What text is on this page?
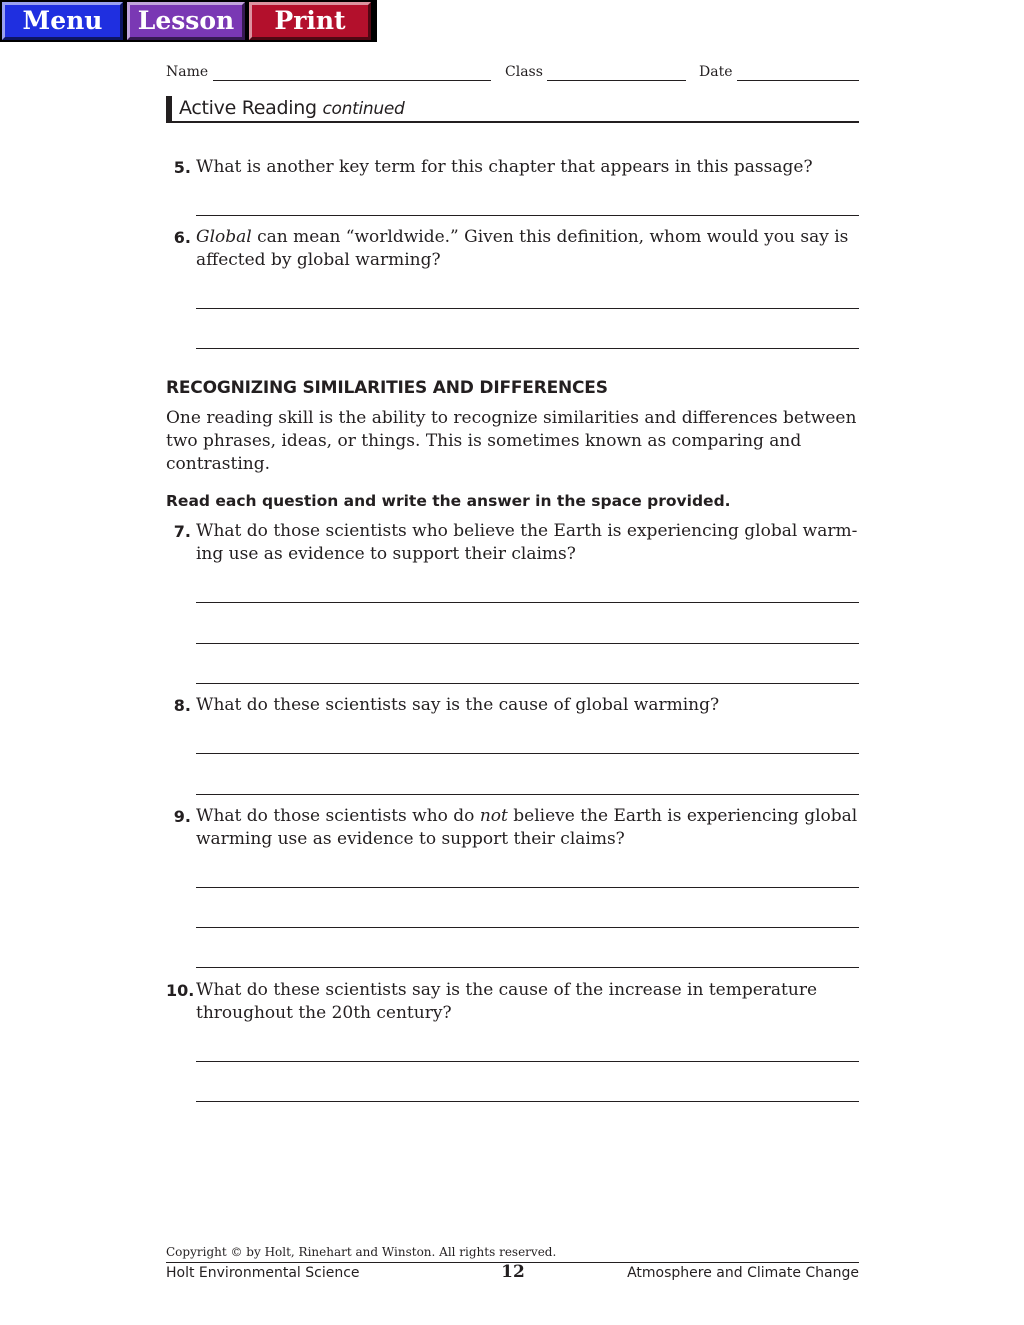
Menu	Lesson	Print
Name	Class	Date
Active Reading continued
5. What is another key term for this chapter that appears in this passage?
6. Global can mean “worldwide.” Given this definition, whom would you say is affected by global warming?
RECOGNIZING SIMILARITIES AND DIFFERENCES
One reading skill is the ability to recognize similarities and differences between two phrases, ideas, or things. This is sometimes known as comparing and contrasting.
Read each question and write the answer in the space provided.
7. What do those scientists who believe the Earth is experiencing global warm-
ing use as evidence to support their claims?
8. What do these scientists say is the cause of global warming?
9. What do those scientists who do not believe the Earth is experiencing global warming use as evidence to support their claims?
10. What do these scientists say is the cause of the increase in temperature throughout the 20th century?
Copyright © by Holt, Rinehart and Winston. All rights reserved.
Holt Environmental Science	12	Atmosphere and Climate Change
